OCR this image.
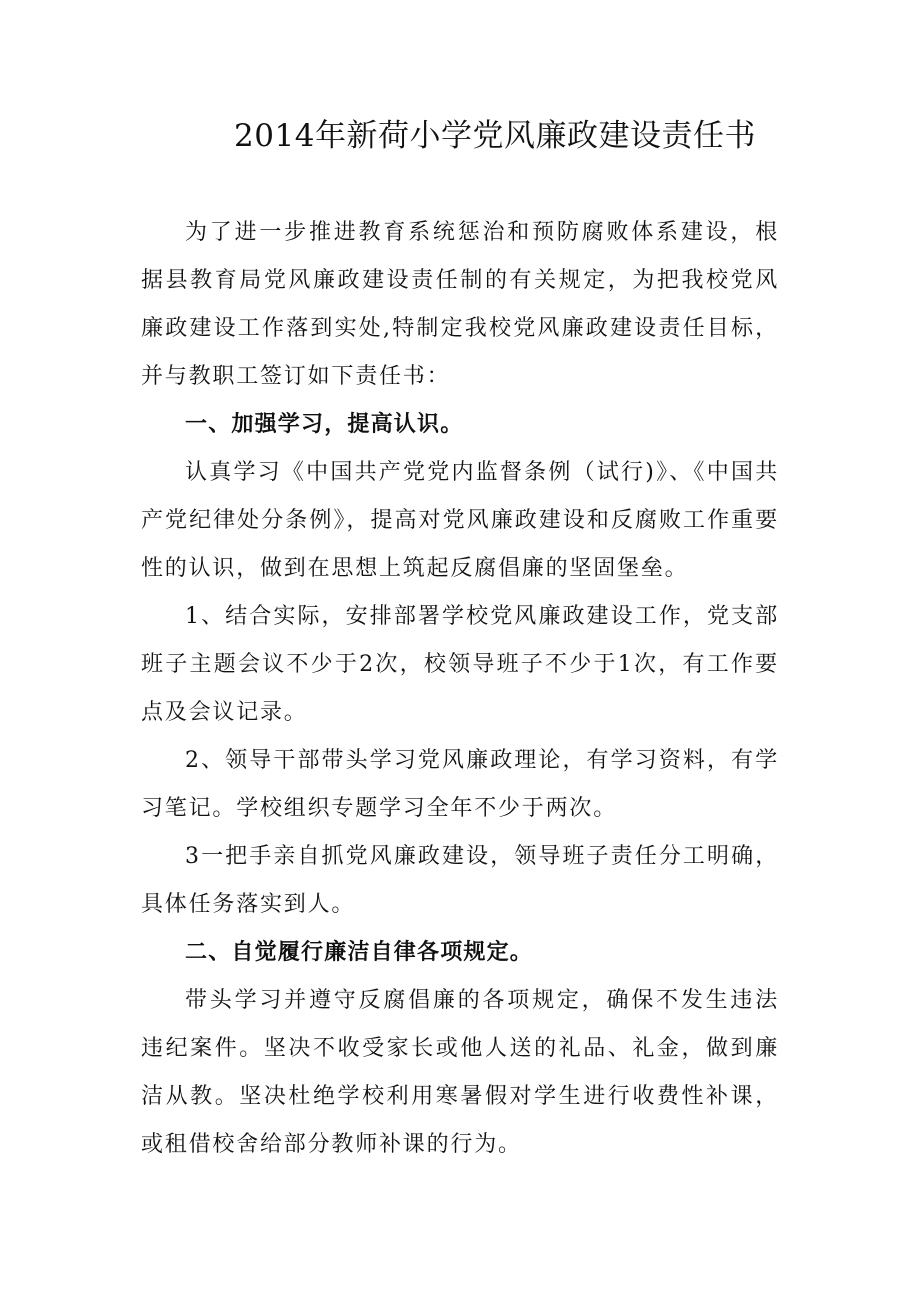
2014年新荷小学党风廉政建设责任书

为了进一步推进教育系统惩治和预防腐败体系建设，根据县教育局党风廉政建设责任制的有关规定，为把我校党风廉政建设工作落到实处,特制定我校党风廉政建设责任目标，并与教职工签订如下责任书：

一、加强学习，提高认识。

认真学习《中国共产党党内监督条例（试行)》、《中国共产党纪律处分条例》，提高对党风廉政建设和反腐败工作重要性的认识，做到在思想上筑起反腐倡廉的坚固堡垒。

1、结合实际，安排部署学校党风廉政建设工作，党支部班子主题会议不少于2次，校领导班子不少于1次，有工作要点及会议记录。

2、领导干部带头学习党风廉政理论，有学习资料，有学习笔记。学校组织专题学习全年不少于两次。

3一把手亲自抓党风廉政建设，领导班子责任分工明确，具体任务落实到人。

二、自觉履行廉洁自律各项规定。

带头学习并遵守反腐倡廉的各项规定，确保不发生违法违纪案件。坚决不收受家长或他人送的礼品、礼金，做到廉洁从教。坚决杜绝学校利用寒暑假对学生进行收费性补课，或租借校舍给部分教师补课的行为。
